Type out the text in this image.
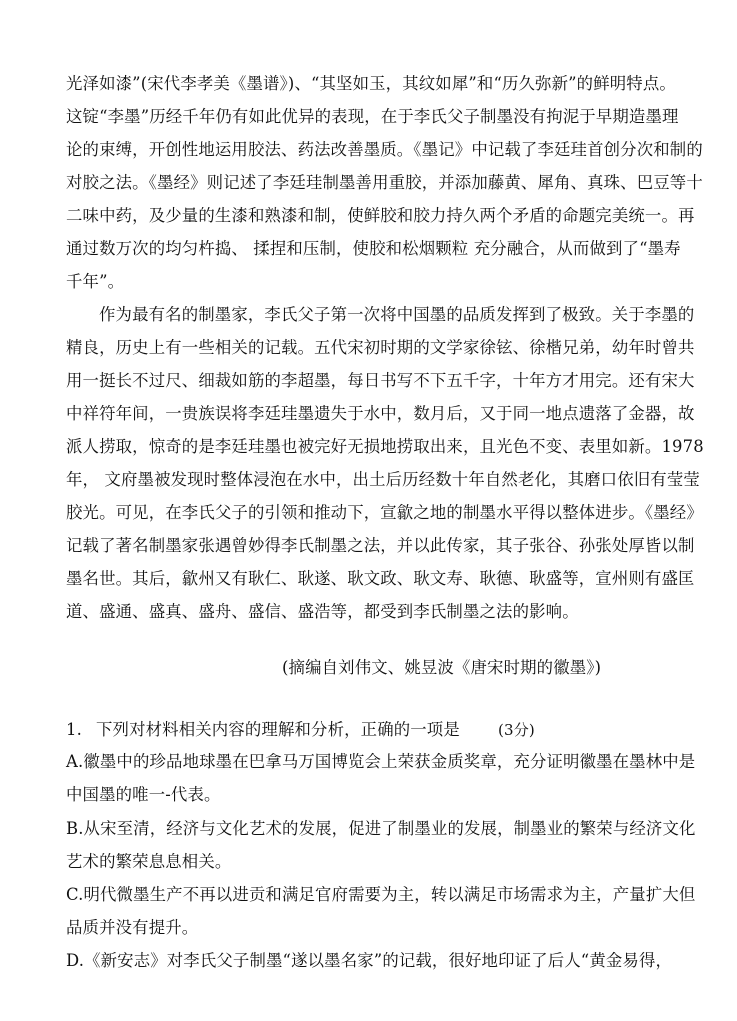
光泽如漆”(宋代李孝美《墨谱》)、“其坚如玉，其纹如犀”和“历久弥新”的鲜明特点。
这锭“李墨”历经千年仍有如此优异的表现，在于李氏父子制墨没有拘泥于早期造墨理
论的束缚，开创性地运用胶法、药法改善墨质。《墨记》中记载了李廷珪首创分次和制的
对胶之法。《墨经》则记述了李廷珪制墨善用重胶，并添加藤黄、犀角、真珠、巴豆等十
二味中药，及少量的生漆和熟漆和制，使鲜胶和胶力持久两个矛盾的命题完美统一。再
通过数万次的均匀杵捣、 揉捏和压制，使胶和松烟颗粒 充分融合，从而做到了“墨寿
千年”。
作为最有名的制墨家，李氏父子第一次将中国墨的品质发挥到了极致。关于李墨的
精良，历史上有一些相关的记载。五代宋初时期的文学家徐铉、徐楷兄弟，幼年时曾共
用一挺长不过尺、细裁如筋的李超墨，每日书写不下五千字，十年方才用完。还有宋大
中祥符年间，一贵族误将李廷珪墨遗失于水中，数月后，又于同一地点遗落了金器，故
派人捞取，惊奇的是李廷珪墨也被完好无损地捞取出来，且光色不变、表里如新。1978
年， 文府墨被发现时整体浸泡在水中，出土后历经数十年自然老化，其磨口依旧有莹莹
胶光。可见，在李氏父子的引领和推动下，宣歙之地的制墨水平得以整体进步。《墨经》
记载了著名制墨家张遇曾妙得李氏制墨之法，并以此传家，其子张谷、孙张处厚皆以制
墨名世。其后，歙州又有耿仁、耿遂、耿文政、耿文寿、耿德、耿盛等，宣州则有盛匡
道、盛通、盛真、盛舟、盛信、盛浩等，都受到李氏制墨之法的影响。
(摘编自刘伟文、姚昱波《唐宋时期的徽墨》)
1. 下列对材料相关内容的理解和分析，正确的一项是	(3分)
A.徽墨中的珍品地球墨在巴拿马万国博览会上荣获金质奖章，充分证明徽墨在墨林中是
中国墨的唯一-代表。
B.从宋至清，经济与文化艺术的发展，促进了制墨业的发展，制墨业的繁荣与经济文化
艺术的繁荣息息相关。
C.明代微墨生产不再以进贡和满足官府需要为主，转以满足市场需求为主，产量扩大但
品质并没有提升。
D.《新安志》对李氏父子制墨“遂以墨名家”的记载，很好地印证了后人“黄金易得，
